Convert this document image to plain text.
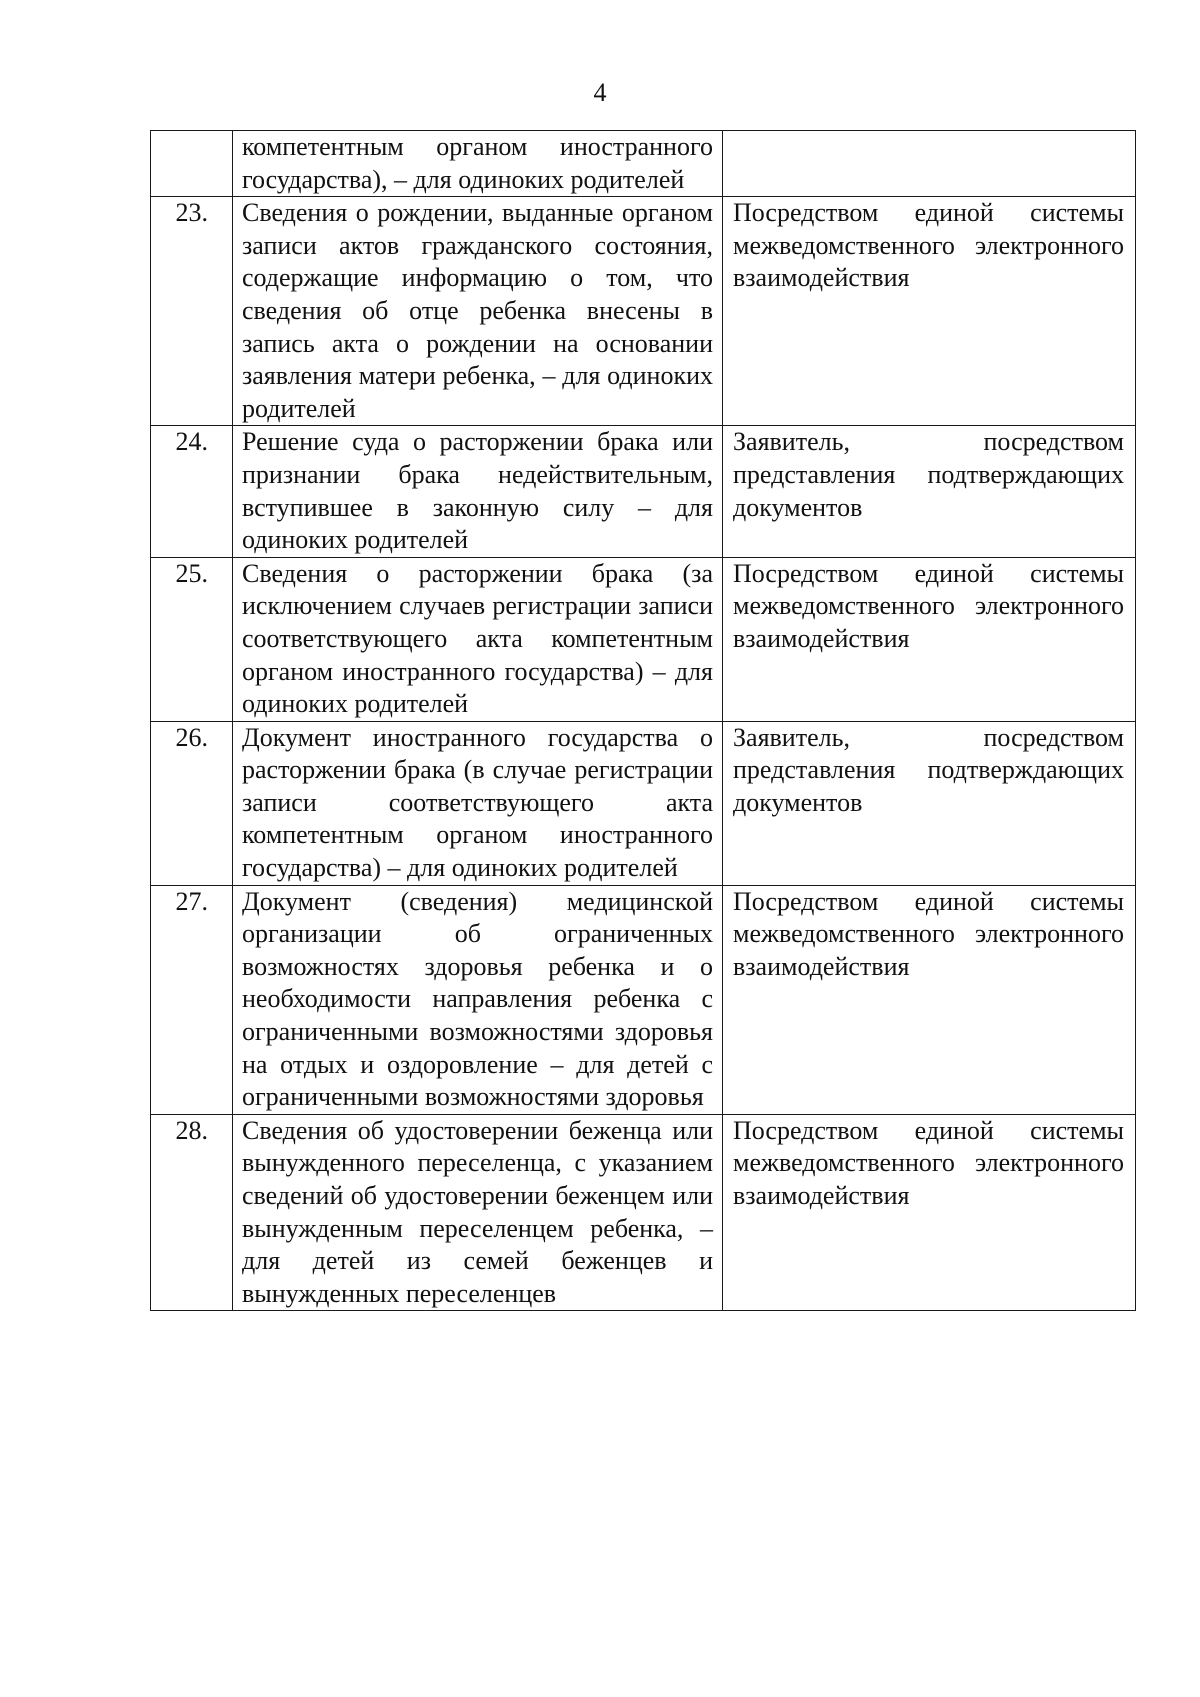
4

	компетентным органом иностранного государства), – для одиноких родителей	

23.	Сведения о рождении, выданные органом записи актов гражданского состояния, содержащие информацию о том, что сведения об отце ребенка внесены в запись акта о рождении на основании заявления матери ребенка, – для одиноких родителей	Посредством единой системы межведомственного электронного взаимодействия

24.	Решение суда о расторжении брака или признании брака недействительным, вступившее в законную силу – для одиноких родителей	Заявитель, посредством представления подтверждающих документов

25.	Сведения о расторжении брака (за исключением случаев регистрации записи соответствующего акта компетентным органом иностранного государства) – для одиноких родителей	Посредством единой системы межведомственного электронного взаимодействия

26.	Документ иностранного государства о расторжении брака (в случае регистрации записи соответствующего акта компетентным органом иностранного государства) – для одиноких родителей	Заявитель, посредством представления подтверждающих документов

27.	Документ (сведения) медицинской организации об ограниченных возможностях здоровья ребенка и о необходимости направления ребенка с ограниченными возможностями здоровья на отдых и оздоровление – для детей с ограниченными возможностями здоровья	Посредством единой системы межведомственного электронного взаимодействия

28.	Сведения об удостоверении беженца или вынужденного переселенца, с указанием сведений об удостоверении беженцем или вынужденным переселенцем ребенка, – для детей из семей беженцев и вынужденных переселенцев	Посредством единой системы межведомственного электронного взаимодействия
